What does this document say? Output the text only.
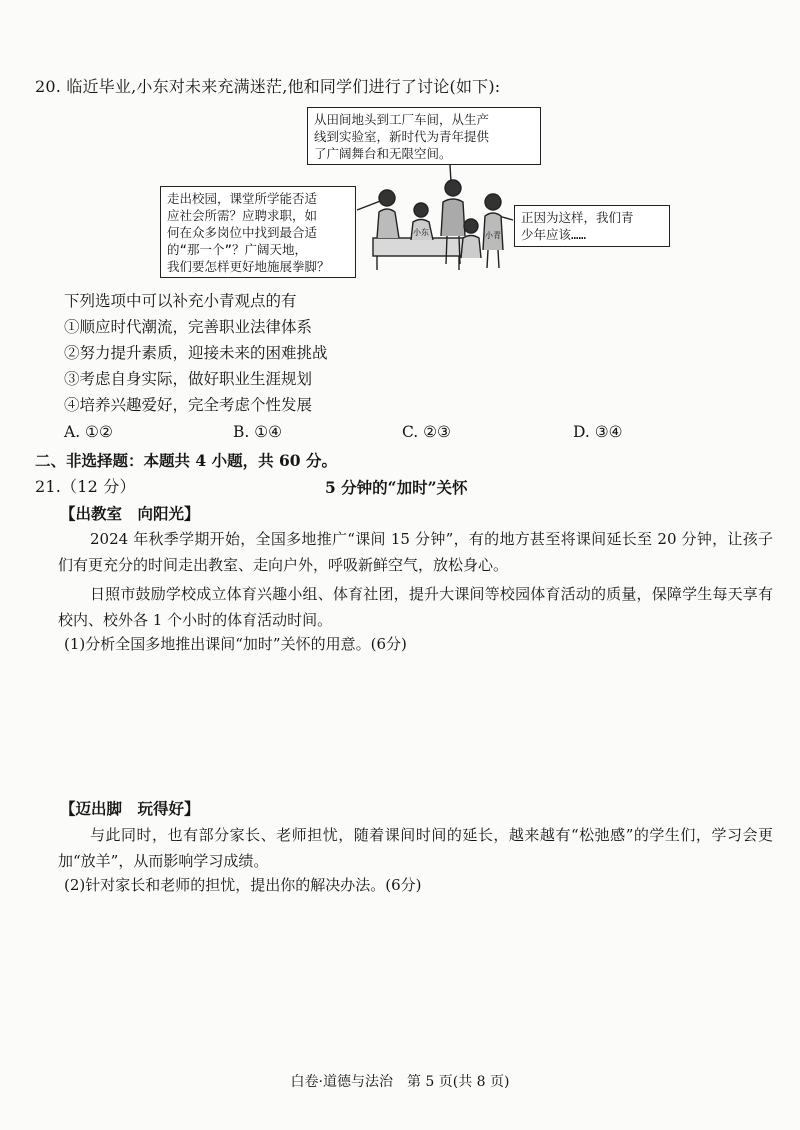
20. 临近毕业,小东对未来充满迷茫,他和同学们进行了讨论(如下):
从田间地头到工厂车间，从生产
线到实验室，新时代为青年提供
了广阔舞台和无限空间。
走出校园，课堂所学能否适
应社会所需？应聘求职，如
何在众多岗位中找到最合适
的“那一个”？广阔天地，
我们要怎样更好地施展拳脚？
正因为这样，我们青
少年应该……
小东	小青
下列选项中可以补充小青观点的有
①顺应时代潮流，完善职业法律体系
②努力提升素质，迎接未来的困难挑战
③考虑自身实际，做好职业生涯规划
④培养兴趣爱好，完全考虑个性发展
A. ①②	B. ①④	C. ②③	D. ③④
二、非选择题：本题共 4 小题，共 60 分。
21.（12 分）	5 分钟的“加时”关怀
【出教室　向阳光】
2024 年秋季学期开始，全国多地推广“课间 15 分钟”，有的地方甚至将课间延长至 20 分钟，让孩子们有更充分的时间走出教室、走向户外，呼吸新鲜空气，放松身心。
日照市鼓励学校成立体育兴趣小组、体育社团，提升大课间等校园体育活动的质量，保障学生每天享有校内、校外各 1 个小时的体育活动时间。
(1)分析全国多地推出课间“加时”关怀的用意。(6分)
【迈出脚　玩得好】
与此同时，也有部分家长、老师担忧，随着课间时间的延长，越来越有“松弛感”的学生们，学习会更加“放羊”，从而影响学习成绩。
(2)针对家长和老师的担忧，提出你的解决办法。(6分)
白卷·道德与法治　第 5 页(共 8 页)
